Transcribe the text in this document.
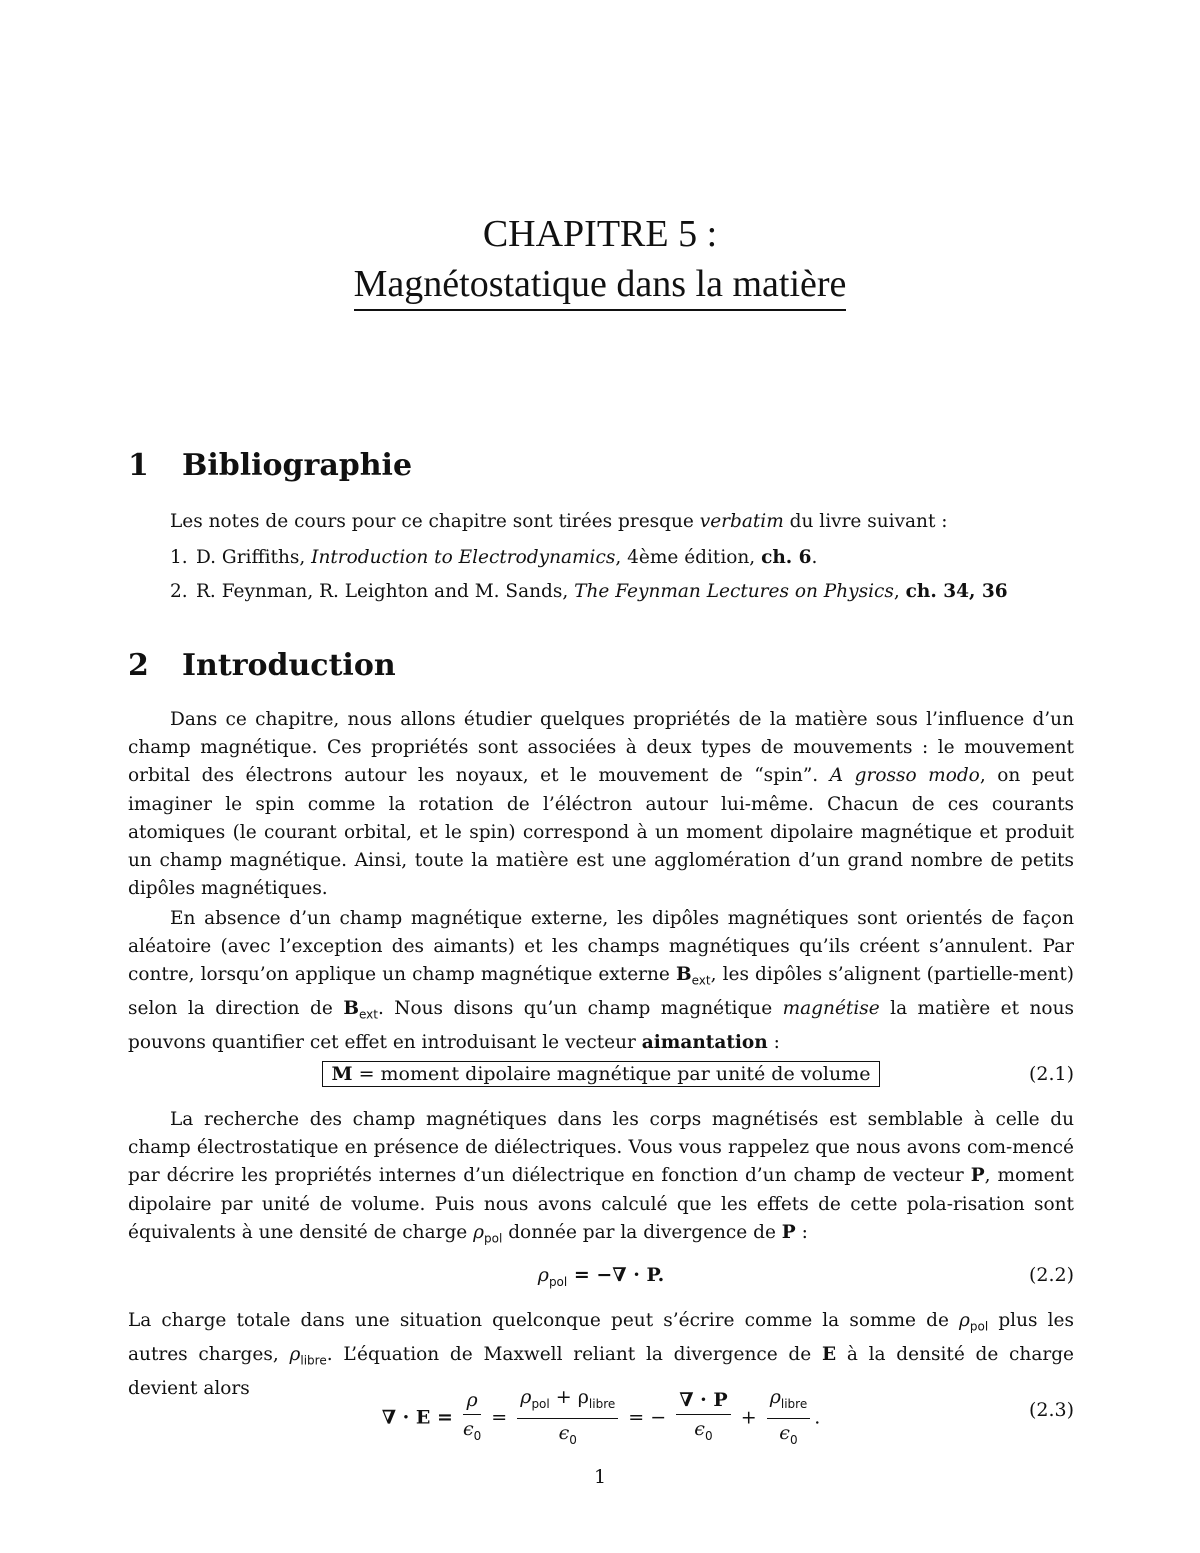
CHAPITRE 5 :
Magnétostatique dans la matière
1 Bibliographie
Les notes de cours pour ce chapitre sont tirées presque verbatim du livre suivant :
1. D. Griffiths, Introduction to Electrodynamics, 4ème édition, ch. 6.
2. R. Feynman, R. Leighton and M. Sands, The Feynman Lectures on Physics, ch. 34, 36
2 Introduction
Dans ce chapitre, nous allons étudier quelques propriétés de la matière sous l’influence d’un champ magnétique. Ces propriétés sont associées à deux types de mouvements : le mouvement orbital des électrons autour les noyaux, et le mouvement de “spin”. A grosso modo, on peut imaginer le spin comme la rotation de l’éléctron autour lui-même. Chacun de ces courants atomiques (le courant orbital, et le spin) correspond à un moment dipolaire magnétique et produit un champ magnétique. Ainsi, toute la matière est une agglomération d’un grand nombre de petits dipôles magnétiques.
En absence d’un champ magnétique externe, les dipôles magnétiques sont orientés de façon aléatoire (avec l’exception des aimants) et les champs magnétiques qu’ils créent s’annulent. Par contre, lorsqu’on applique un champ magnétique externe $B_{ext}$, les dipôles s’alignent (partielle-ment) selon la direction de $B_{ext}$. Nous disons qu’un champ magnétique magnétise la matière et nous pouvons quantifier cet effet en introduisant le vecteur aimantation :
M = moment dipolaire magnétique par unité de volume	(2.1)
La recherche des champ magnétiques dans les corps magnétisés est semblable à celle du champ électrostatique en présence de diélectriques. Vous vous rappelez que nous avons com-mencé par décrire les propriétés internes d’un diélectrique en fonction d’un champ de vecteur P, moment dipolaire par unité de volume. Puis nous avons calculé que les effets de cette pola-risation sont équivalents à une densité de charge $\rho_{pol}$ donnée par la divergence de P :
$\rho_{pol}$ = −∇ · P.	(2.2)
La charge totale dans une situation quelconque peut s’écrire comme la somme de $\rho_{pol}$ plus les autres charges, $\rho_{libre}$. L’équation de Maxwell reliant la divergence de E à la densité de charge devient alors
∇ · $E = \frac{\rho}{\epsilon_0} = \frac{\rho_{pol} + \rho_{libre}}{\epsilon_0}$ = − $\frac{\nabla \cdot P}{\epsilon_0} + \frac{\rho_{libre}}{\epsilon_0}$ .	(2.3)
1
